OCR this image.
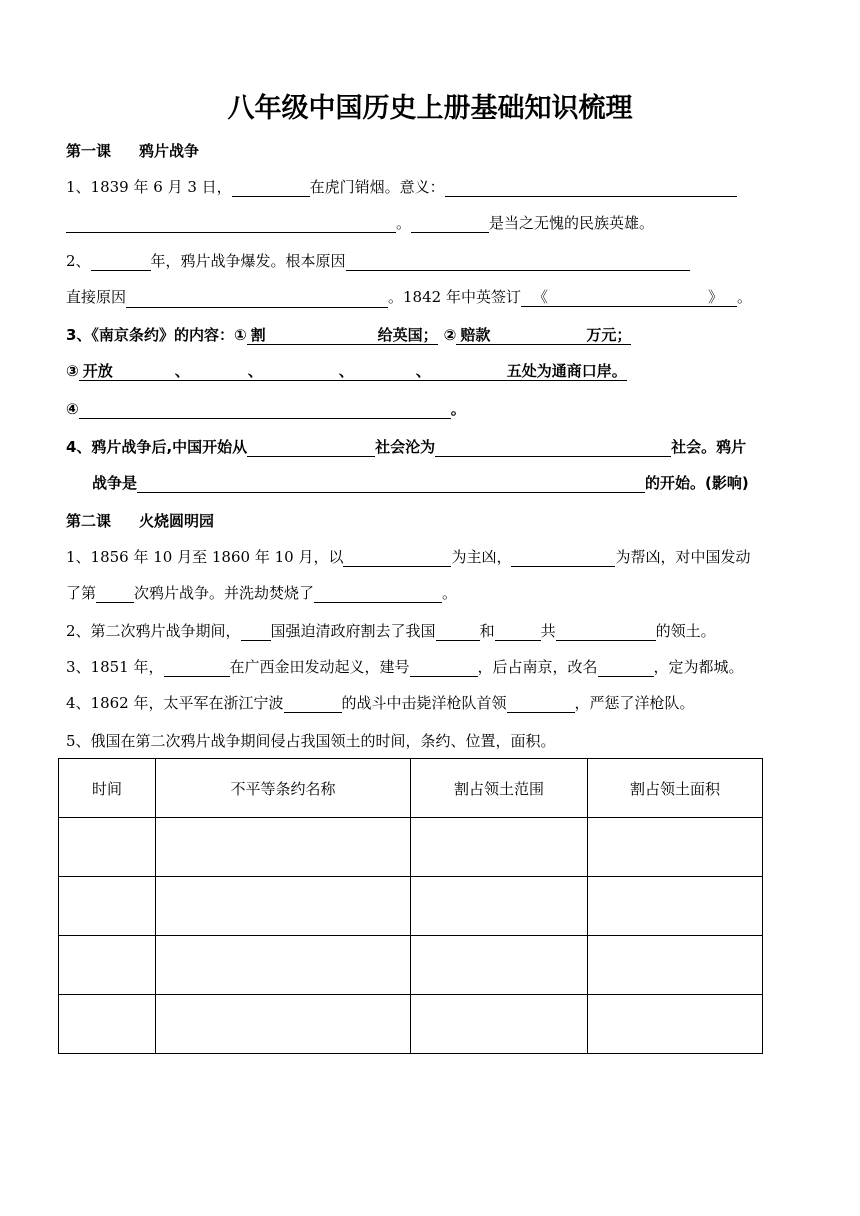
八年级中国历史上册基础知识梳理
第一课 鸦片战争
1、1839 年 6 月 3 日，	在虎门销烟。意义：
。	是当之无愧的民族英雄。
2、	年，鸦片战争爆发。根本原因
直接原因	。1842 年中英签订 《	》 。
3、《南京条约》的内容：① 割	给英国； ② 赔款	万元；
③ 开放	、	、	、	、	五处为通商口岸。
④	。
4、鸦片战争后,中国开始从	社会沦为	社会。鸦片
战争是	的开始。(影响)
第二课 火烧圆明园
1、1856 年 10 月至 1860 年 10 月，以	为主凶，	为帮凶，对中国发动
了第	次鸦片战争。并洗劫焚烧了	。
2、第二次鸦片战争期间， 国强迫清政府割去了我国	和	共	的领土。
3、1851 年，	在广西金田发动起义，建号	，后占南京，改名	，定为都城。
4、1862 年，太平军在浙江宁波	的战斗中击毙洋枪队首领	，严惩了洋枪队。
5、俄国在第二次鸦片战争期间侵占我国领土的时间，条约、位置，面积。
时间	不平等条约名称	割占领土范围	割占领土面积
